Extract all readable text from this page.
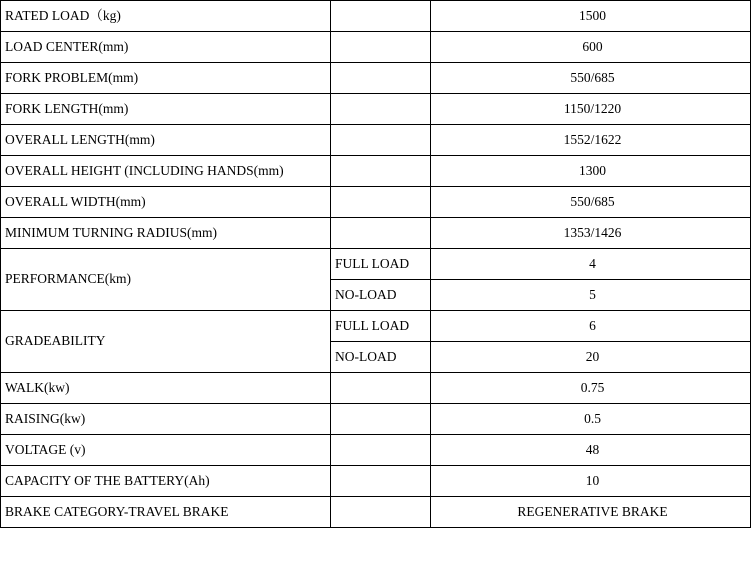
RATED LOAD（kg)		1500
LOAD CENTER(mm)		600
FORK PROBLEM(mm)		550/685
FORK LENGTH(mm)		1150/1220
OVERALL LENGTH(mm)		1552/1622
OVERALL HEIGHT (INCLUDING HANDS(mm)		1300
OVERALL WIDTH(mm)		550/685
MINIMUM TURNING RADIUS(mm)		1353/1426
PERFORMANCE(km)	FULL LOAD	4
	NO-LOAD	5
GRADEABILITY	FULL LOAD	6
	NO-LOAD	20
WALK(kw)		0.75
RAISING(kw)		0.5
VOLTAGE (v)		48
CAPACITY OF THE BATTERY(Ah)		10
BRAKE CATEGORY-TRAVEL BRAKE		REGENERATIVE BRAKE
